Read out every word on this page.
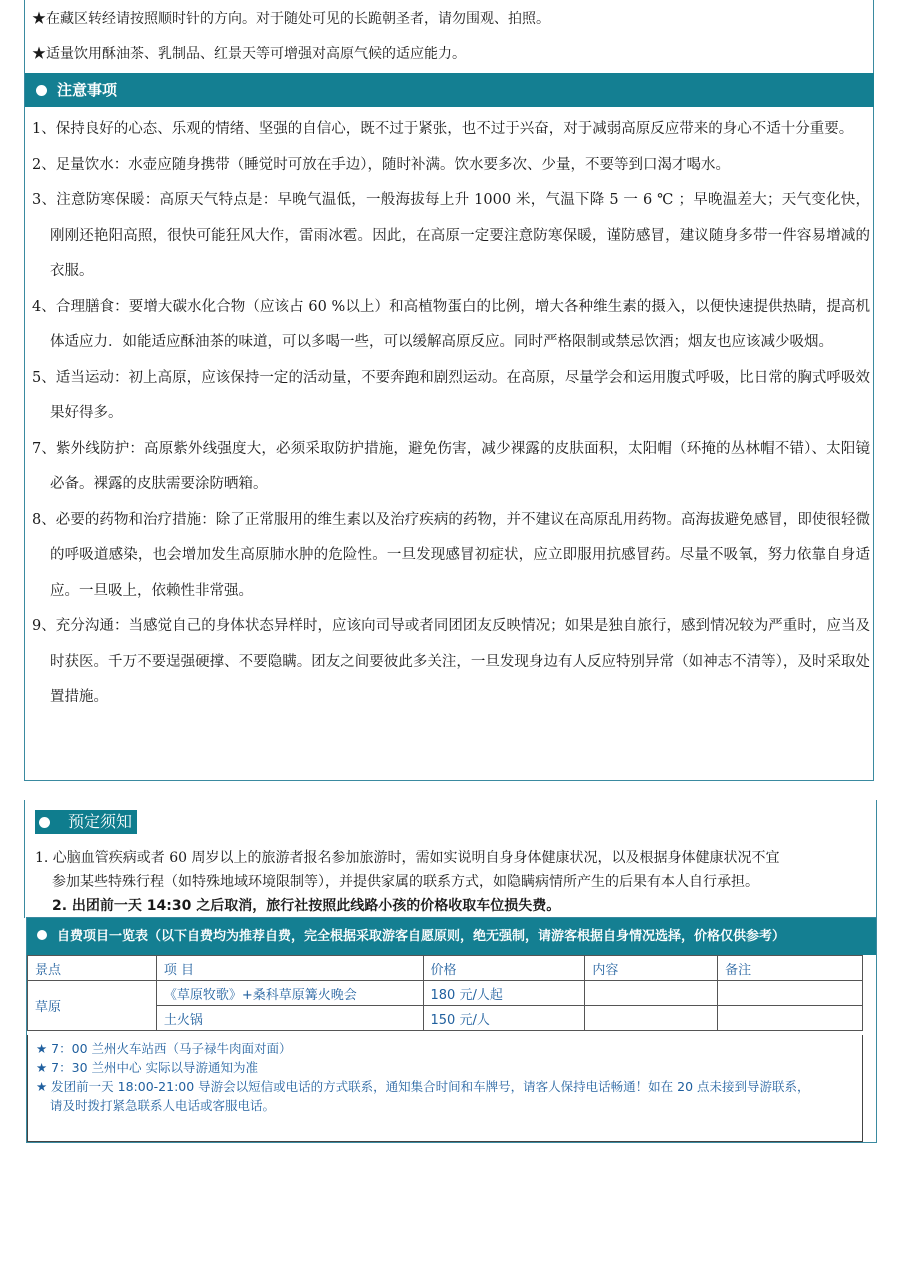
★在藏区转经请按照顺时针的方向。对于随处可见的长跪朝圣者，请勿围观、拍照。
★适量饮用酥油茶、乳制品、红景天等可增强对高原气候的适应能力。
注意事项

1、保持良好的心态、乐观的情绪、坚强的自信心，既不过于紧张，也不过于兴奋，对于减弱高原反应带来的身心不适十分重要。

2、足量饮水：水壶应随身携带（睡觉时可放在手边），随时补满。饮水要多次、少量，不要等到口渴才喝水。

3、注意防寒保暖：高原天气特点是：早晚气温低，一般海拔每上升 1000 米，气温下降 5 一 6 ℃ ；早晚温差大；天气变化快，刚刚还艳阳高照，很快可能狂风大作，雷雨冰雹。因此，在高原一定要注意防寒保暖，谨防感冒，建议随身多带一件容易增减的衣服。

4、合理膳食：要增大碳水化合物（应该占 60 %以上）和高植物蛋白的比例，增大各种维生素的摄入，以便快速提供热睛，提高机体适应力．如能适应酥油茶的味道，可以多喝一些，可以缓解高原反应。同时严格限制或禁忌饮酒；烟友也应该减少吸烟。

5、适当运动：初上高原，应该保持一定的活动量，不要奔跑和剧烈运动。在高原，尽量学会和运用腹式呼吸，比日常的胸式呼吸效果好得多。

7、紫外线防护：高原紫外线强度大，必须采取防护措施，避免伤害，减少裸露的皮肤面积，太阳帽（环掩的丛林帽不错）、太阳镜必备。裸露的皮肤需要涂防晒箱。

8、必要的药物和治疗措施：除了正常服用的维生素以及治疗疾病的药物，并不建议在高原乱用药物。高海拔避免感冒，即使很轻微的呼吸道感染，也会增加发生高原肺水肿的危险性。一旦发现感冒初症状，应立即服用抗感冒药。尽量不吸氧，努力依靠自身适应。一旦吸上，依赖性非常强。

9、充分沟通：当感觉自己的身体状态异样时，应该向司导或者同团团友反映情况；如果是独自旅行，感到情况较为严重时，应当及时获医。千万不要逞强硬撑、不要隐瞒。团友之间要彼此多关注，一旦发现身边有人反应特别异常（如神志不清等），及时采取处置措施。

预定须知
1. 心脑血管疾病或者 60 周岁以上的旅游者报名参加旅游时，需如实说明自身身体健康状况，以及根据身体健康状况不宜
参加某些特殊行程（如特殊地域环境限制等），并提供家属的联系方式，如隐瞒病情所产生的后果有本人自行承担。
2. 出团前一天 14:30 之后取消，旅行社按照此线路小孩的价格收取车位损失费。
自费项目一览表（以下自费均为推荐自费，完全根据采取游客自愿原则，绝无强制，请游客根据自身情况选择，价格仅供参考）
景点	项 目	价格	内容	备注
草原	《草原牧歌》+桑科草原篝火晚会	180 元/人起		
	土火锅	150 元/人		
★ 7：00 兰州火车站西（马子禄牛肉面对面）
★ 7：30 兰州中心 实际以导游通知为准
★ 发团前一天 18:00-21:00 导游会以短信或电话的方式联系，通知集合时间和车牌号，请客人保持电话畅通！如在 20 点未接到导游联系，
请及时拨打紧急联系人电话或客服电话。
